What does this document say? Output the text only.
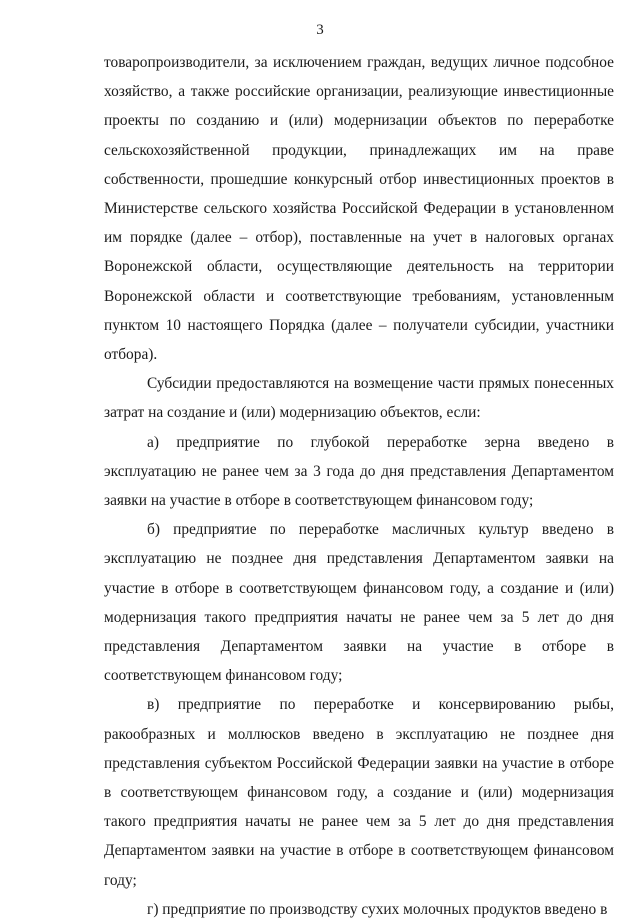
3

товаропроизводители, за исключением граждан, ведущих личное подсобное хозяйство, а также российские организации, реализующие инвестиционные проекты по созданию и (или) модернизации объектов по переработке сельскохозяйственной продукции, принадлежащих им на праве собственности, прошедшие конкурсный отбор инвестиционных проектов в Министерстве сельского хозяйства Российской Федерации в установленном им порядке (далее – отбор), поставленные на учет в налоговых органах Воронежской области, осуществляющие деятельность на территории Воронежской области и соответствующие требованиям, установленным пунктом 10 настоящего Порядка (далее – получатели субсидии, участники отбора).

Субсидии предоставляются на возмещение части прямых понесенных затрат на создание и (или) модернизацию объектов, если:

а) предприятие по глубокой переработке зерна введено в эксплуатацию не ранее чем за 3 года до дня представления Департаментом заявки на участие в отборе в соответствующем финансовом году;

б) предприятие по переработке масличных культур введено в эксплуатацию не позднее дня представления Департаментом заявки на участие в отборе в соответствующем финансовом году, а создание и (или) модернизация такого предприятия начаты не ранее чем за 5 лет до дня представления Департаментом заявки на участие в отборе в соответствующем финансовом году;

в) предприятие по переработке и консервированию рыбы, ракообразных и моллюсков введено в эксплуатацию не позднее дня представления субъектом Российской Федерации заявки на участие в отборе в соответствующем финансовом году, а создание и (или) модернизация такого предприятия начаты не ранее чем за 5 лет до дня представления Департаментом заявки на участие в отборе в соответствующем финансовом году;

г) предприятие по производству сухих молочных продуктов введено в
